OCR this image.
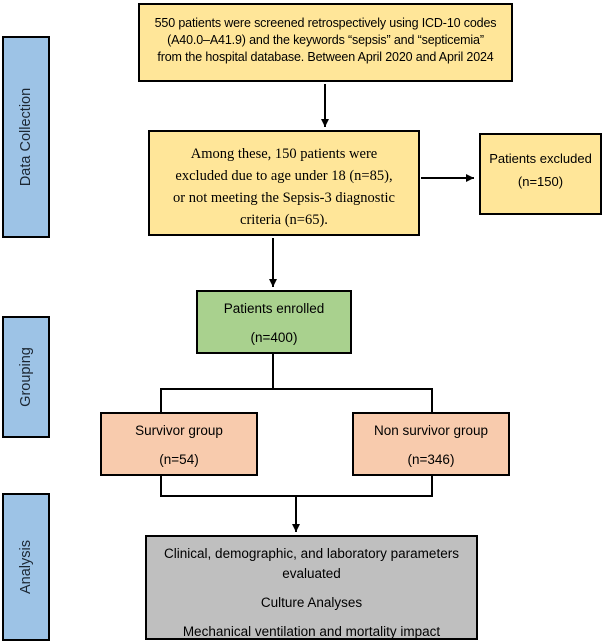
Data Collection
Grouping
Analysis
550 patients were screened retrospectively using ICD-10 codes
(A40.0–A41.9) and the keywords “sepsis” and “septicemia”
from the hospital database. Between April 2020 and April 2024
Among these, 150 patients were
excluded due to age under 18 (n=85),
or not meeting the Sepsis-3 diagnostic
criteria (n=65).
Patients excluded
(n=150)
Patients enrolled
(n=400)
Survivor group
(n=54)
Non survivor group
(n=346)
Clinical, demographic, and laboratory parameters
evaluated
Culture Analyses
Mechanical ventilation and mortality impact
